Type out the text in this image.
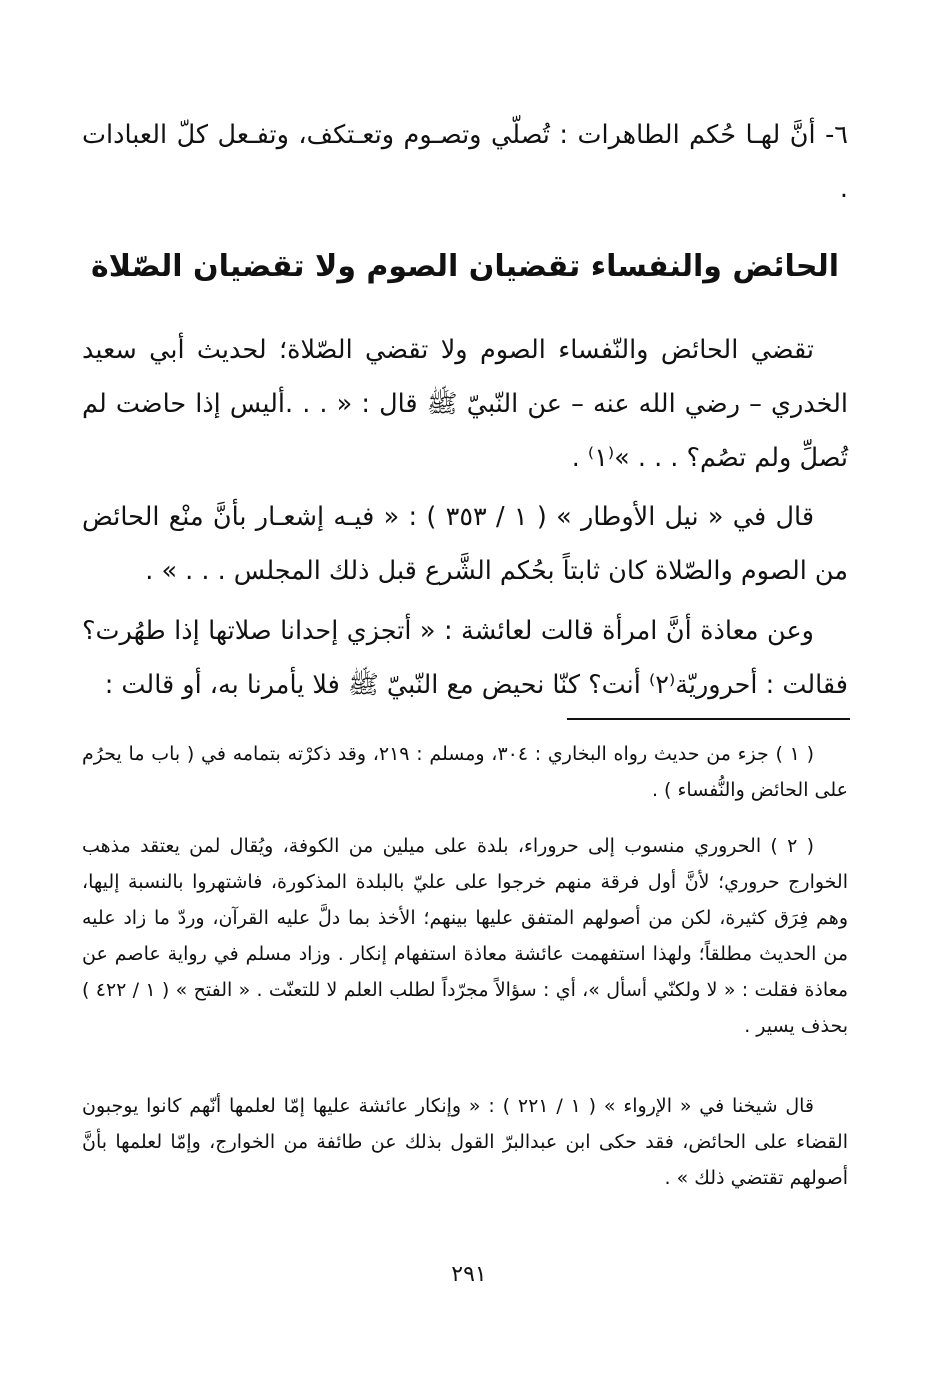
٦- أنَّ لهـا حُكم الطاهرات : تُصلّي وتصـوم وتعـتكف، وتفـعل كلّ العبادات .

الحائض والنفساء تقضيان الصوم ولا تقضيان الصّلاة

تقضي الحائض والنّفساء الصوم ولا تقضي الصّلاة؛ لحديث أبي سعيد الخدري – رضي الله عنه – عن النّبيّ ﷺ قال : « . . .أليس إذا حاضت لم تُصلِّ ولم تصُم؟ . . . »⁽١⁾ .

قال في « نيل الأوطار » ( ١ / ٣٥٣ ) : « فيـه إشعـار بأنَّ منْع الحائض من الصوم والصّلاة كان ثابتاً بحُكم الشَّرع قبل ذلك المجلس . . . » .

وعن معاذة أنَّ امرأة قالت لعائشة : « أتجزي إحدانا صلاتها إذا طهُرت؟ فقالت : أحروريّة⁽٢⁾ أنت؟ كنّا نحيض مع النّبيّ ﷺ فلا يأمرنا به، أو قالت :

( ١ ) جزء من حديث رواه البخاري : ٣٠٤، ومسلم : ٢١٩، وقد ذكرْته بتمامه في ( باب ما يحرُم على الحائض والنُّفساء ) .

( ٢ ) الحروري منسوب إلى حروراء، بلدة على ميلين من الكوفة، ويُقال لمن يعتقد مذهب الخوارج حروري؛ لأنَّ أول فرقة منهم خرجوا على عليّ بالبلدة المذكورة، فاشتهروا بالنسبة إليها، وهم فِرَق كثيرة، لكن من أصولهم المتفق عليها بينهم؛ الأخذ بما دلَّ عليه القرآن، وردّ ما زاد عليه من الحديث مطلقاً؛ ولهذا استفهمت عائشة معاذة استفهام إنكار . وزاد مسلم في رواية عاصم عن معاذة فقلت : « لا ولكنّي أسأل »، أي : سؤالاً مجرّداً لطلب العلم لا للتعنّت . « الفتح » ( ١ / ٤٢٢ ) بحذف يسير .

قال شيخنا في « الإرواء » ( ١ / ٢٢١ ) : « وإنكار عائشة عليها إمّا لعلمها أنّهم كانوا يوجبون القضاء على الحائض، فقد حكى ابن عبدالبرّ القول بذلك عن طائفة من الخوارج، وإمّا لعلمها بأنَّ أصولهم تقتضي ذلك » .

٢٩١
